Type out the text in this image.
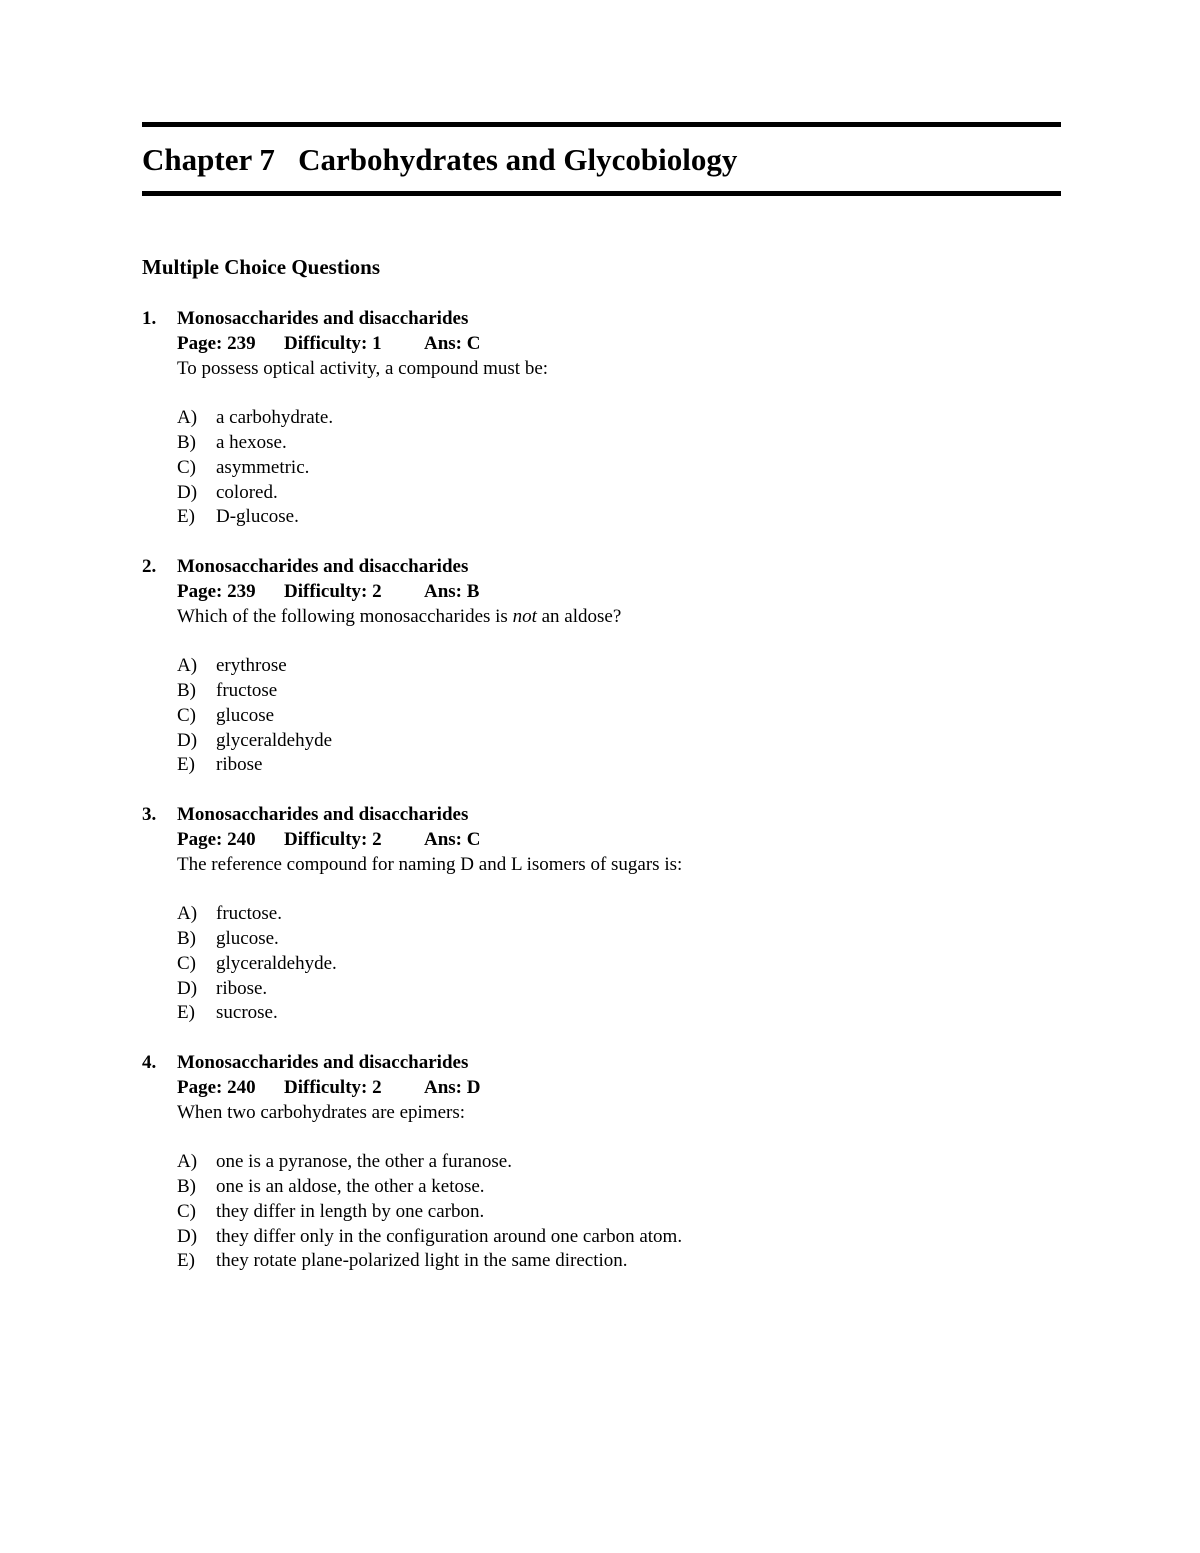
Chapter 7 Carbohydrates and Glycobiology
Multiple Choice Questions
1. Monosaccharides and disaccharides
Page: 239 Difficulty: 1 Ans: C
To possess optical activity, a compound must be:
A) a carbohydrate.
B) a hexose.
C) asymmetric.
D) colored.
E) D-glucose.
2. Monosaccharides and disaccharides
Page: 239 Difficulty: 2 Ans: B
Which of the following monosaccharides is not an aldose?
A) erythrose
B) fructose
C) glucose
D) glyceraldehyde
E) ribose
3. Monosaccharides and disaccharides
Page: 240 Difficulty: 2 Ans: C
The reference compound for naming D and L isomers of sugars is:
A) fructose.
B) glucose.
C) glyceraldehyde.
D) ribose.
E) sucrose.
4. Monosaccharides and disaccharides
Page: 240 Difficulty: 2 Ans: D
When two carbohydrates are epimers:
A) one is a pyranose, the other a furanose.
B) one is an aldose, the other a ketose.
C) they differ in length by one carbon.
D) they differ only in the configuration around one carbon atom.
E) they rotate plane-polarized light in the same direction.
